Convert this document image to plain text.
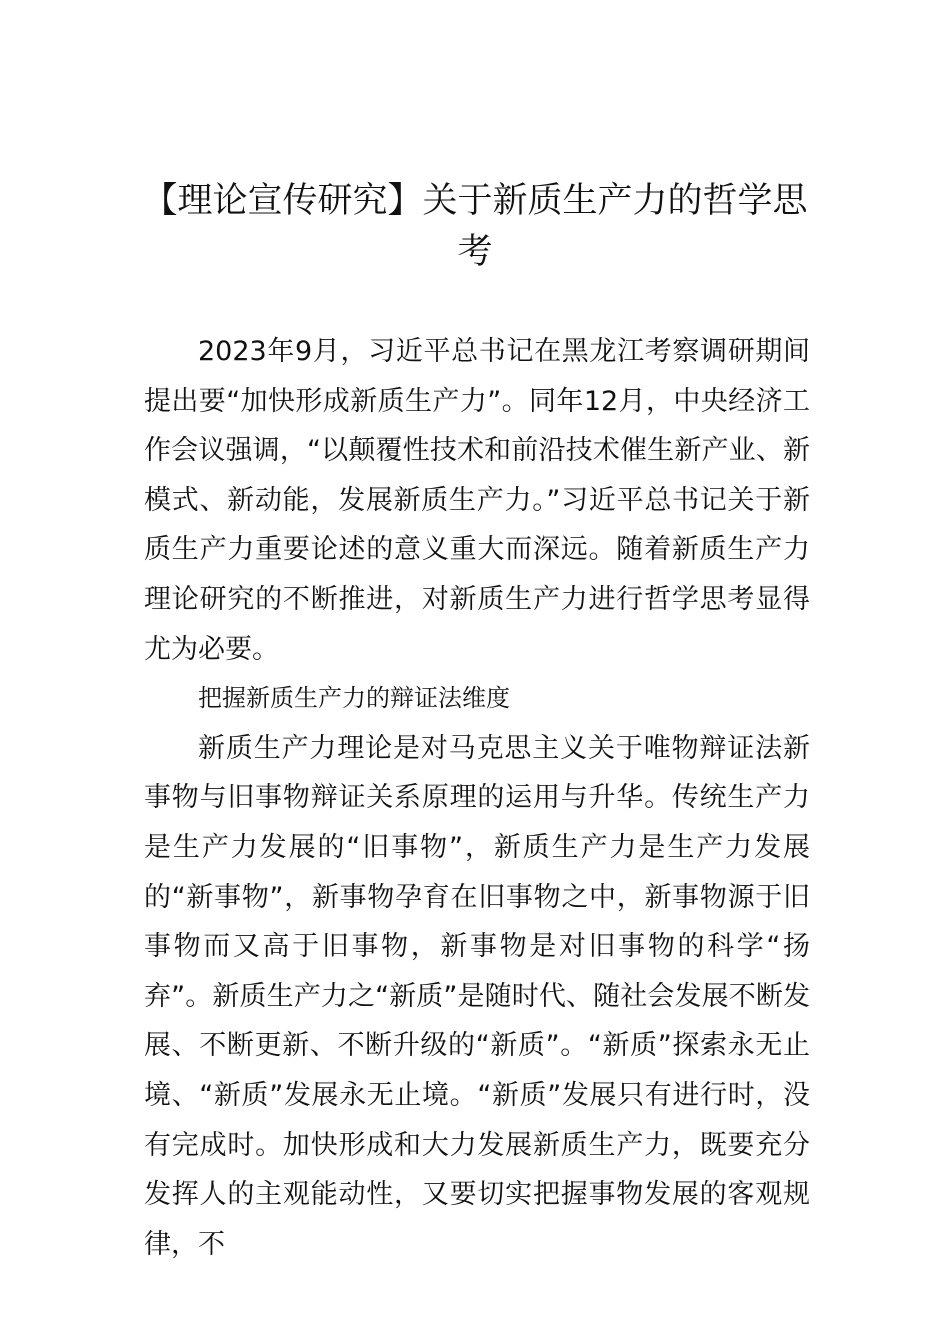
【理论宣传研究】关于新质生产力的哲学思考

2023年9月，习近平总书记在黑龙江考察调研期间提出要“加快形成新质生产力”。同年12月，中央经济工作会议强调，“以颠覆性技术和前沿技术催生新产业、新模式、新动能，发展新质生产力。”习近平总书记关于新质生产力重要论述的意义重大而深远。随着新质生产力理论研究的不断推进，对新质生产力进行哲学思考显得尤为必要。

把握新质生产力的辩证法维度

新质生产力理论是对马克思主义关于唯物辩证法新事物与旧事物辩证关系原理的运用与升华。传统生产力是生产力发展的“旧事物”，新质生产力是生产力发展的“新事物”，新事物孕育在旧事物之中，新事物源于旧事物而又高于旧事物，新事物是对旧事物的科学“扬弃”。新质生产力之“新质”是随时代、随社会发展不断发展、不断更新、不断升级的“新质”。“新质”探索永无止境、“新质”发展永无止境。“新质”发展只有进行时，没有完成时。加快形成和大力发展新质生产力，既要充分发挥人的主观能动性，又要切实把握事物发展的客观规律，不
